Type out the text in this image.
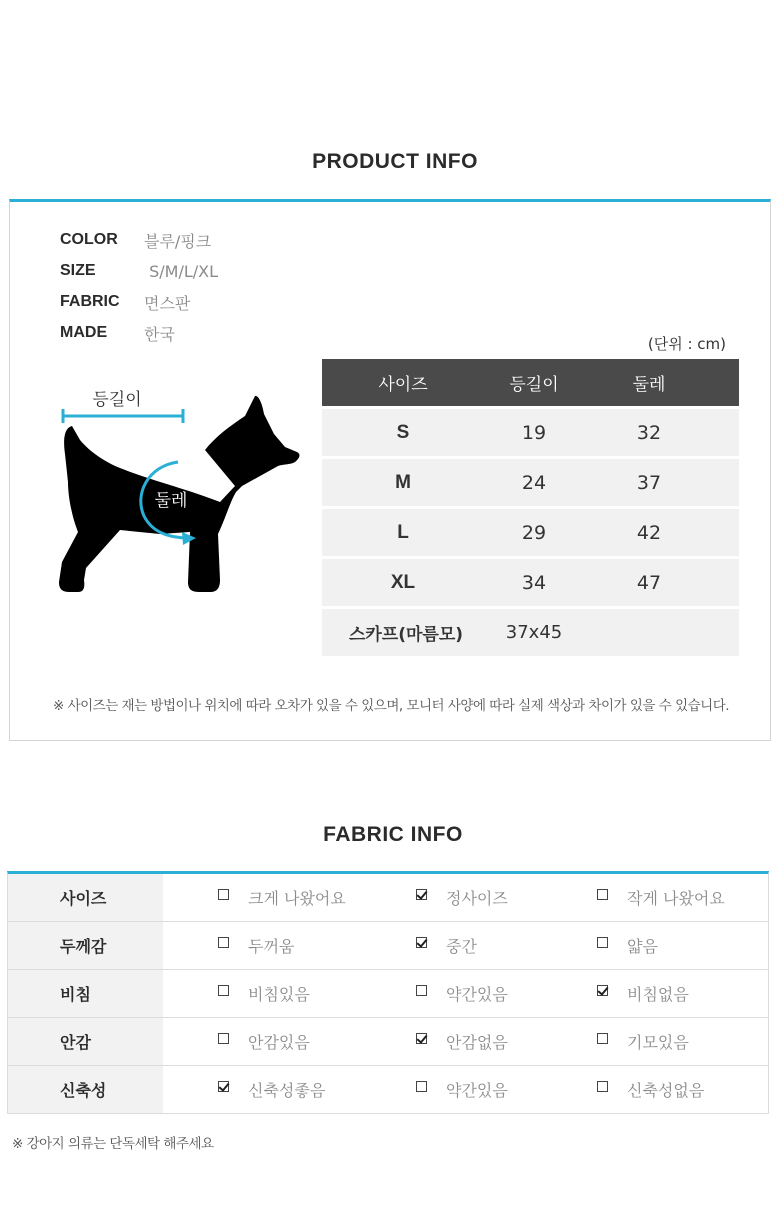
PRODUCT INFO
COLOR	블루/핑크
SIZE	S/M/L/XL
FABRIC	면스판
MADE	한국
등길이
둘레
(단위 : cm)
사이즈	등길이	둘레
S	19	32
M	24	37
L	29	42
XL	34	47
스카프(마름모)	37x45
※ 사이즈는 재는 방법이나 위치에 따라 오차가 있을 수 있으며, 모니터 사양에 따라 실제 색상과 차이가 있을 수 있습니다.
FABRIC INFO
사이즈	크게 나왔어요	정사이즈	작게 나왔어요
두께감	두꺼움	중간	얇음
비침	비침있음	약간있음	비침없음
안감	안감있음	안감없음	기모있음
신축성	신축성좋음	약간있음	신축성없음
※ 강아지 의류는 단독세탁 해주세요
